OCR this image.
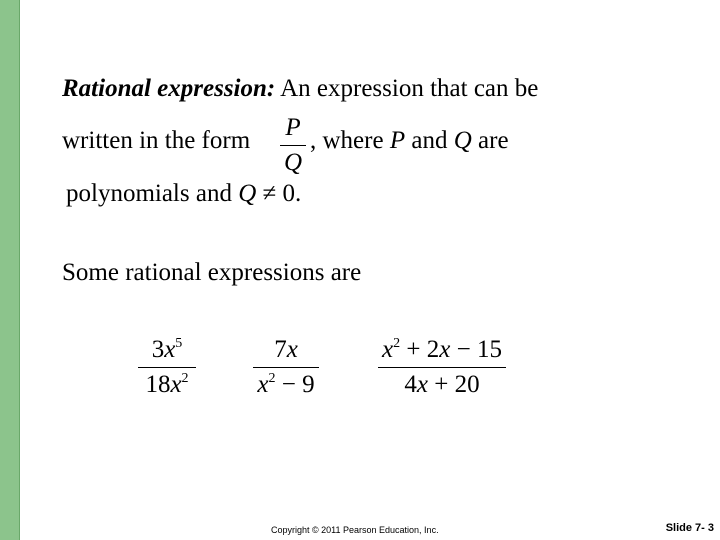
Rational expression: An expression that can be
written in the form P
Q
, where P and Q are
polynomials and Q ≠ 0.
Some rational expressions are
$3x^5$
$18x^2$
7x
$x^2 - 9$
$x^2 + 2x - 15$
4x + 20
Copyright © 2011 Pearson Education, Inc.	Slide 7- 3
